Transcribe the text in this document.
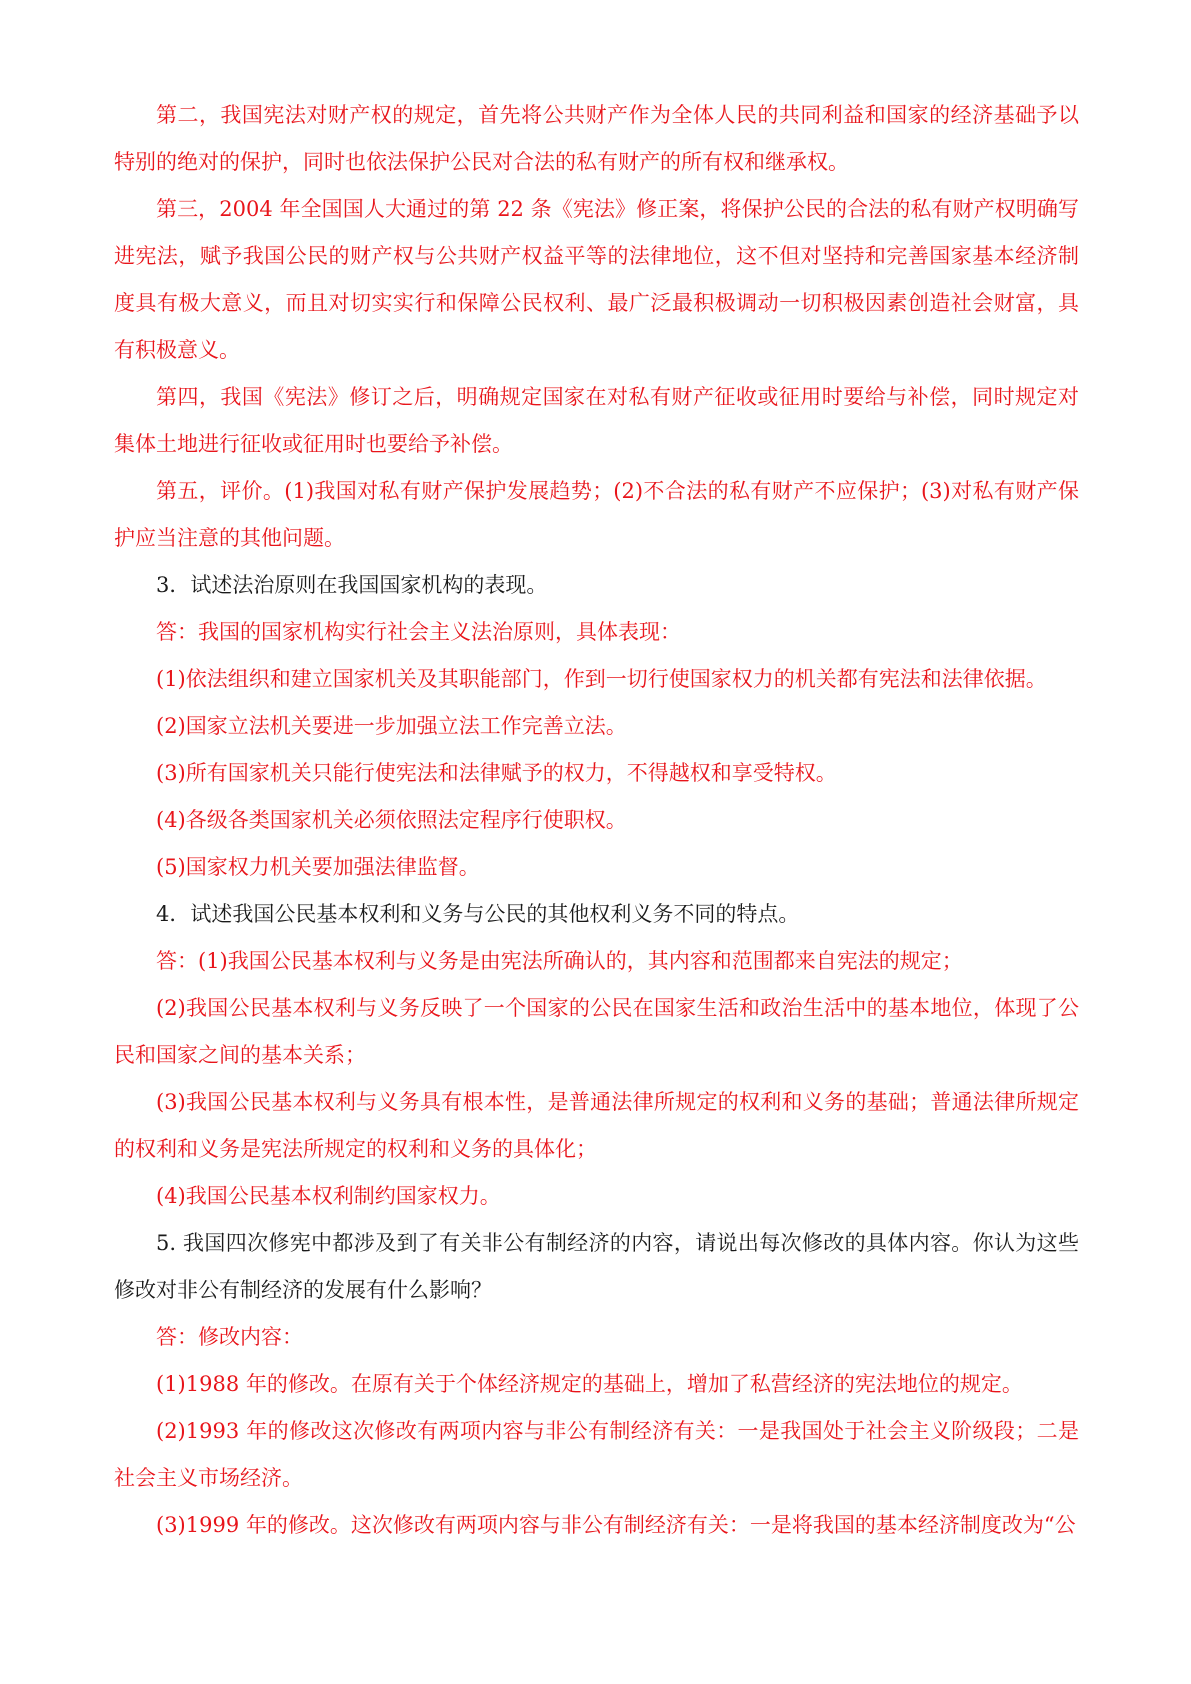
第二，我国宪法对财产权的规定，首先将公共财产作为全体人民的共同利益和国家的经济基础予以特别的绝对的保护，同时也依法保护公民对合法的私有财产的所有权和继承权。

第三，2004 年全国国人大通过的第 22 条《宪法》修正案，将保护公民的合法的私有财产权明确写进宪法，赋予我国公民的财产权与公共财产权益平等的法律地位，这不但对坚持和完善国家基本经济制度具有极大意义，而且对切实实行和保障公民权利、最广泛最积极调动一切积极因素创造社会财富，具有积极意义。

第四，我国《宪法》修订之后，明确规定国家在对私有财产征收或征用时要给与补偿，同时规定对集体土地进行征收或征用时也要给予补偿。

第五，评价。(1)我国对私有财产保护发展趋势；(2)不合法的私有财产不应保护；(3)对私有财产保护应当注意的其他问题。

3．试述法治原则在我国国家机构的表现。

答：我国的国家机构实行社会主义法治原则，具体表现：

(1)依法组织和建立国家机关及其职能部门，作到一切行使国家权力的机关都有宪法和法律依据。

(2)国家立法机关要进一步加强立法工作完善立法。

(3)所有国家机关只能行使宪法和法律赋予的权力，不得越权和享受特权。

(4)各级各类国家机关必须依照法定程序行使职权。

(5)国家权力机关要加强法律监督。

4．试述我国公民基本权利和义务与公民的其他权利义务不同的特点。

答：(1)我国公民基本权利与义务是由宪法所确认的，其内容和范围都来自宪法的规定；

(2)我国公民基本权利与义务反映了一个国家的公民在国家生活和政治生活中的基本地位，体现了公民和国家之间的基本关系；

(3)我国公民基本权利与义务具有根本性，是普通法律所规定的权利和义务的基础；普通法律所规定的权利和义务是宪法所规定的权利和义务的具体化；

(4)我国公民基本权利制约国家权力。

5. 我国四次修宪中都涉及到了有关非公有制经济的内容，请说出每次修改的具体内容。你认为这些修改对非公有制经济的发展有什么影响？

答：修改内容：

(1)1988 年的修改。在原有关于个体经济规定的基础上，增加了私营经济的宪法地位的规定。

(2)1993 年的修改这次修改有两项内容与非公有制经济有关：一是我国处于社会主义阶级段；二是社会主义市场经济。

(3)1999 年的修改。这次修改有两项内容与非公有制经济有关：一是将我国的基本经济制度改为“公
